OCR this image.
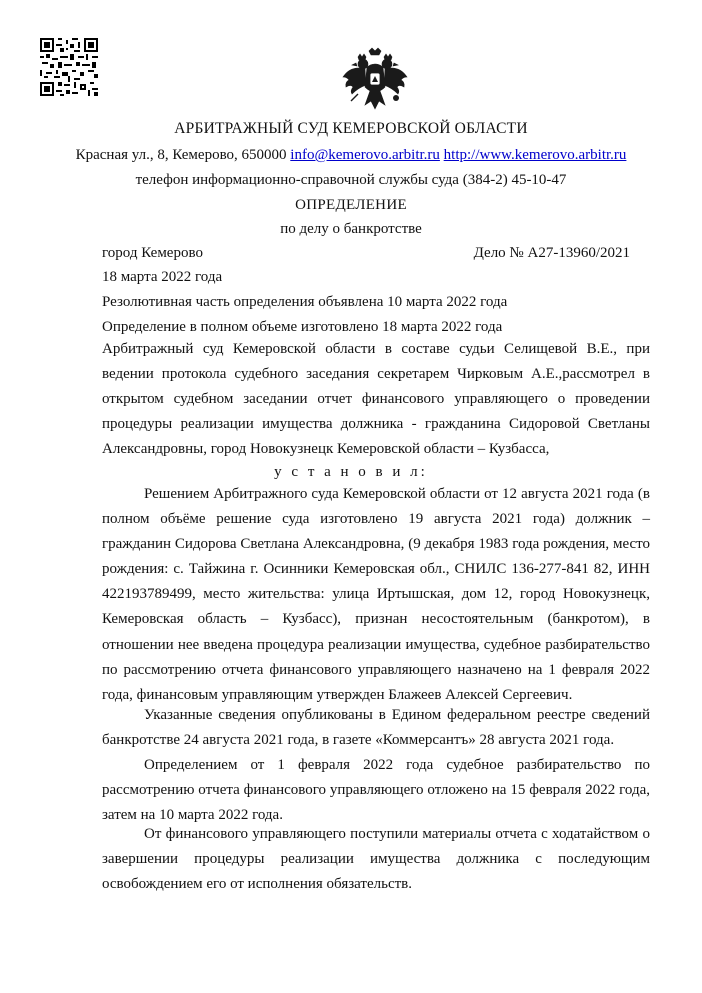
АРБИТРАЖНЫЙ СУД КЕМЕРОВСКОЙ ОБЛАСТИ
Красная ул., 8, Кемерово, 650000 info@kemerovo.arbitr.ru http://www.kemerovo.arbitr.ru
телефон информационно-справочной службы суда (384-2) 45-10-47
ОПРЕДЕЛЕНИЕ
по делу о банкротстве
город Кемерово	Дело № А27-13960/2021
18 марта 2022 года
Резолютивная часть определения объявлена 10 марта 2022 года
Определение в полном объеме изготовлено 18 марта 2022 года

Арбитражный суд Кемеровской области в составе судьи Селищевой В.Е., при ведении протокола судебного заседания секретарем Чирковым А.Е.,рассмотрел в открытом судебном заседании отчет финансового управляющего о проведении процедуры реализации имущества должника - гражданина Сидоровой Светланы Александровны, город Новокузнецк Кемеровской области – Кузбасса,

у с т а н о в и л:

Решением Арбитражного суда Кемеровской области от 12 августа 2021 года (в полном объёме решение суда изготовлено 19 августа 2021 года) должник – гражданин Сидорова Светлана Александровна, (9 декабря 1983 года рождения, место рождения: с. Тайжина г. Осинники Кемеровская обл., СНИЛС 136-277-841 82, ИНН 422193789499, место жительства: улица Иртышская, дом 12, город Новокузнецк, Кемеровская область – Кузбасс), признан несостоятельным (банкротом), в отношении нее введена процедура реализации имущества, судебное разбирательство по рассмотрению отчета финансового управляющего назначено на 1 февраля 2022 года, финансовым управляющим утвержден Блажеев Алексей Сергеевич.

Указанные сведения опубликованы в Едином федеральном реестре сведений банкротстве 24 августа 2021 года, в газете «Коммерсантъ» 28 августа 2021 года.

Определением от 1 февраля 2022 года судебное разбирательство по рассмотрению отчета финансового управляющего отложено на 15 февраля 2022 года, затем на 10 марта 2022 года.

От финансового управляющего поступили материалы отчета с ходатайством о завершении процедуры реализации имущества должника с последующим освобождением его от исполнения обязательств.
